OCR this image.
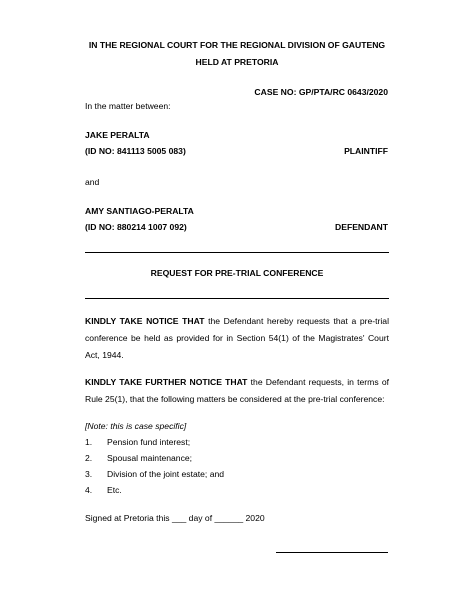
IN THE REGIONAL COURT FOR THE REGIONAL DIVISION OF GAUTENG
HELD AT PRETORIA
CASE NO: GP/PTA/RC 0643/2020
In the matter between:
JAKE PERALTA
(ID NO: 841113 5005 083)	PLAINTIFF
and
AMY SANTIAGO-PERALTA
(ID NO: 880214 1007 092)	DEFENDANT
REQUEST FOR PRE-TRIAL CONFERENCE
KINDLY TAKE NOTICE THAT the Defendant hereby requests that a pre-trial conference be held as provided for in Section 54(1) of the Magistrates' Court Act, 1944.
KINDLY TAKE FURTHER NOTICE THAT the Defendant requests, in terms of Rule 25(1), that the following matters be considered at the pre-trial conference:
[Note: this is case specific]
1. Pension fund interest;
2. Spousal maintenance;
3. Division of the joint estate; and
4. Etc.
Signed at Pretoria this ___ day of ______ 2020
